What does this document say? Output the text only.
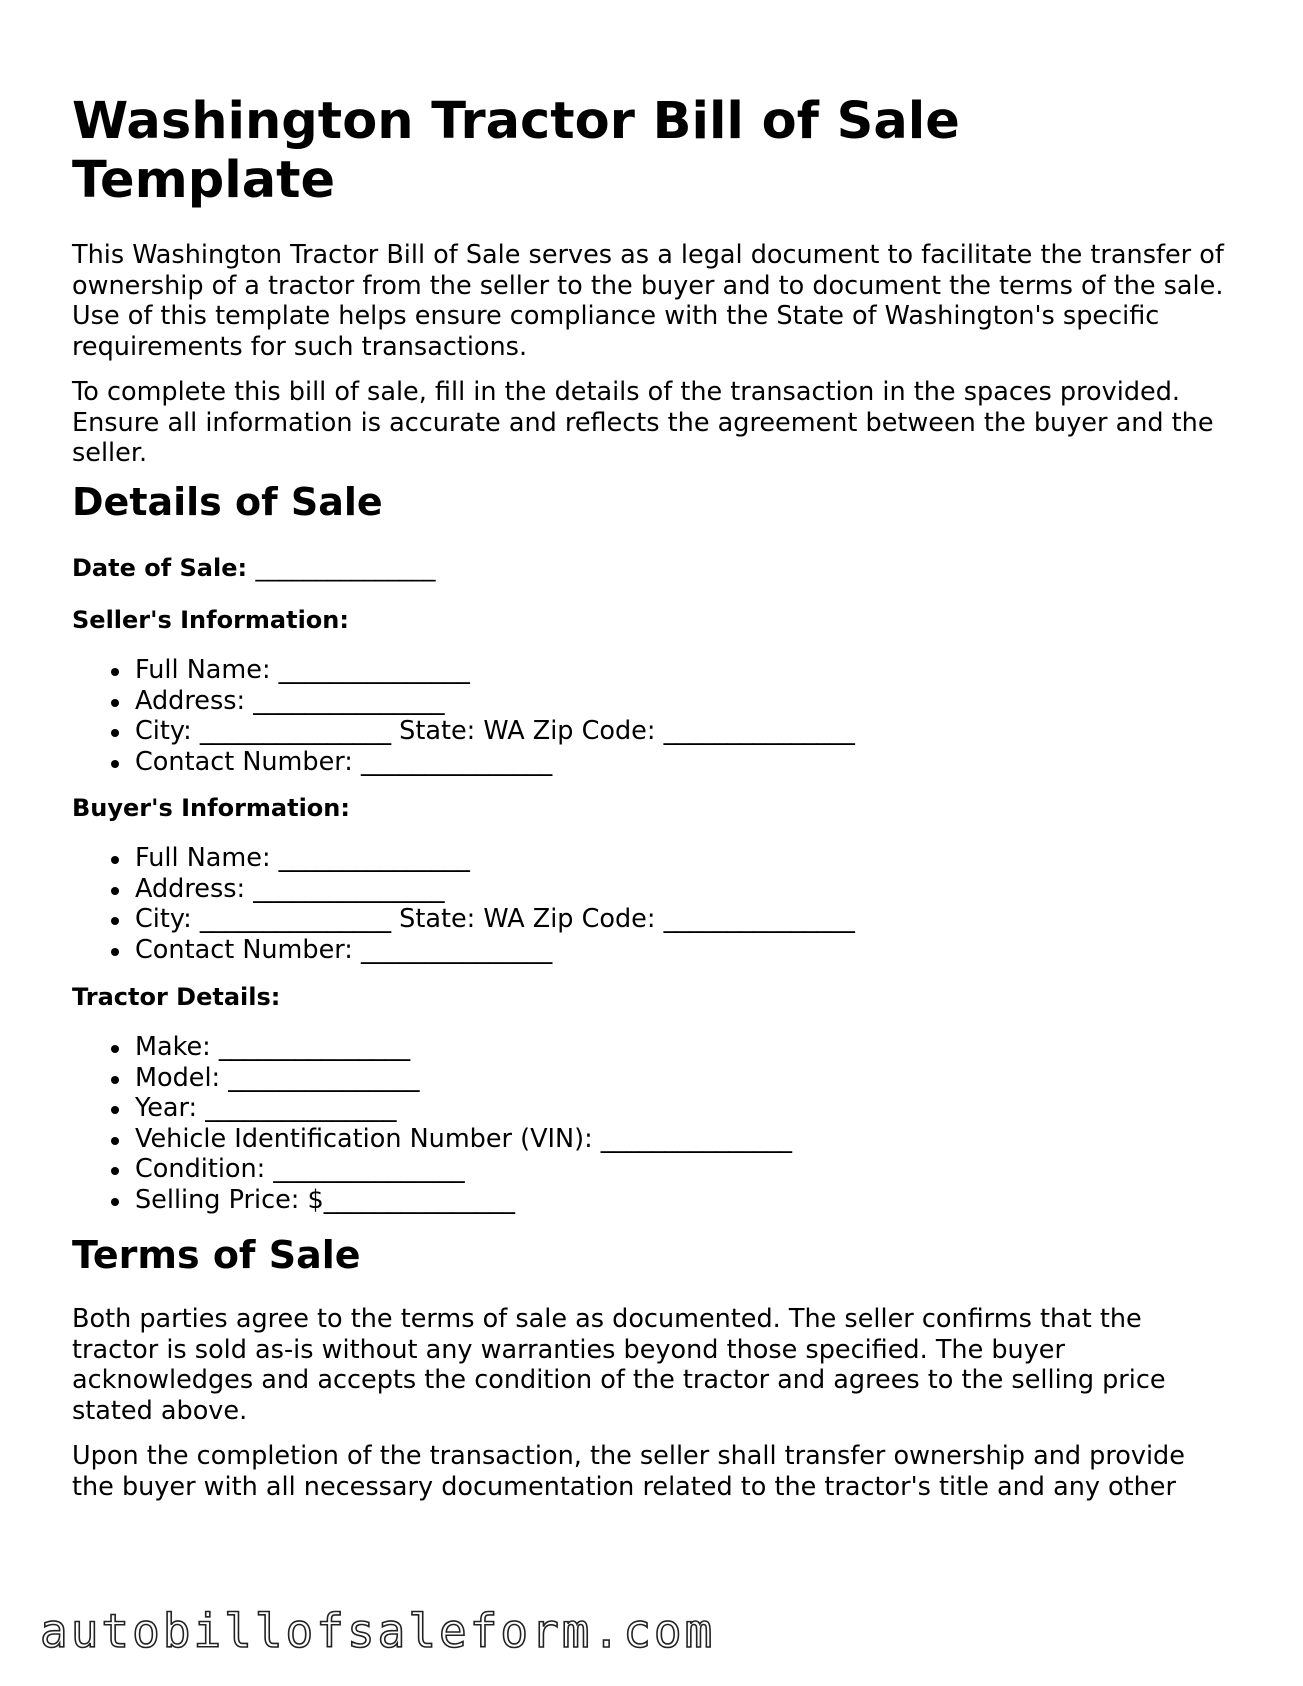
Washington Tractor Bill of Sale Template

This Washington Tractor Bill of Sale serves as a legal document to facilitate the transfer of ownership of a tractor from the seller to the buyer and to document the terms of the sale. Use of this template helps ensure compliance with the State of Washington's specific requirements for such transactions.

To complete this bill of sale, fill in the details of the transaction in the spaces provided. Ensure all information is accurate and reflects the agreement between the buyer and the seller.

Details of Sale
Date of Sale: _______________
Seller's Information:
Full Name: _______________
Address: _______________
City: _______________ State: WA Zip Code: _______________
Contact Number: _______________
Buyer's Information:
Full Name: _______________
Address: _______________
City: _______________ State: WA Zip Code: _______________
Contact Number: _______________
Tractor Details:
Make: _______________
Model: _______________
Year: _______________
Vehicle Identification Number (VIN): _______________
Condition: _______________
Selling Price: $_______________
Terms of Sale

Both parties agree to the terms of sale as documented. The seller confirms that the tractor is sold as-is without any warranties beyond those specified. The buyer acknowledges and accepts the condition of the tractor and agrees to the selling price stated above.

Upon the completion of the transaction, the seller shall transfer ownership and provide the buyer with all necessary documentation related to the tractor's title and any other

autobillofsaleform.com
